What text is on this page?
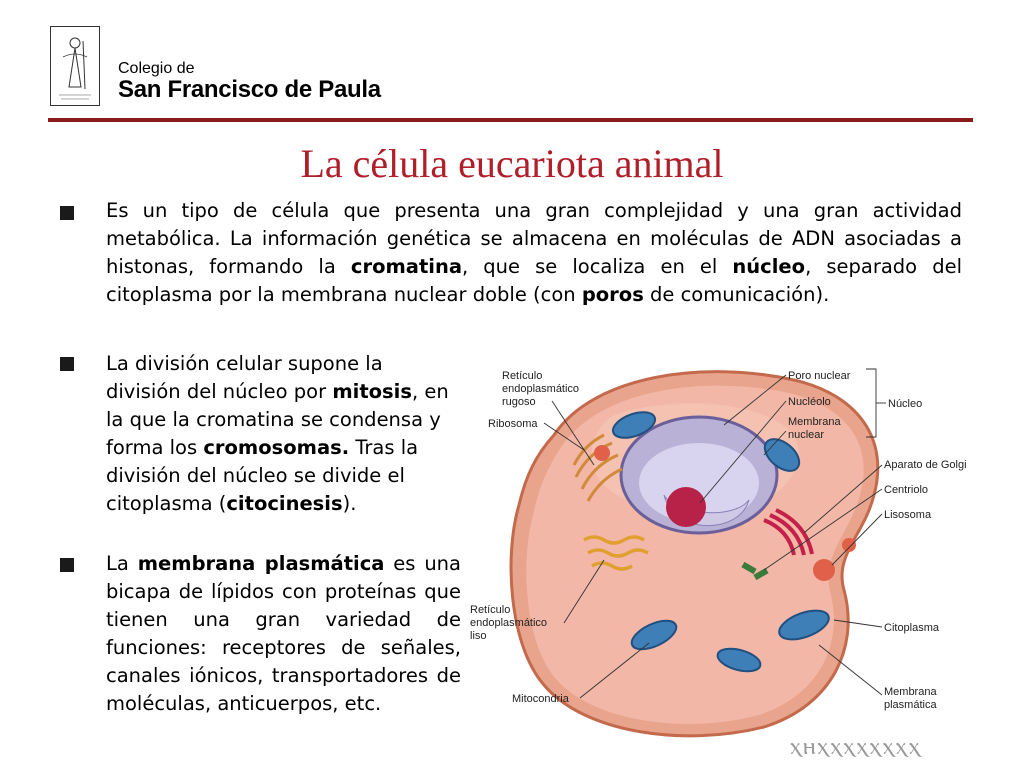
Colegio de
San Francisco de Paula
La célula eucariota animal
Es un tipo de célula que presenta una gran complejidad y una gran actividad metabólica. La información genética se almacena en moléculas de ADN asociadas a histonas, formando la cromatina, que se localiza en el núcleo, separado del citoplasma por la membrana nuclear doble (con poros de comunicación).
La división celular supone la división del núcleo por mitosis, en la que la cromatina se condensa y forma los cromosomas. Tras la división del núcleo se divide el citoplasma (citocinesis).
La membrana plasmática es una bicapa de lípidos con proteínas que tienen una gran variedad de funciones: receptores de señales, canales iónicos, transportadores de moléculas, anticuerpos, etc.
Retículo
endoplasmático
rugoso
Ribosoma
Retículo
endoplasmático
liso
Mitocondria
Poro nuclear
Nucléolo
Membrana
nuclear
Núcleo
Aparato de Golgi
Centriolo
Lisosoma
Citoplasma
Membrana
plasmática
ⲭⲏⲭⲭⲭⲭⲭⲭⲭⲭ
